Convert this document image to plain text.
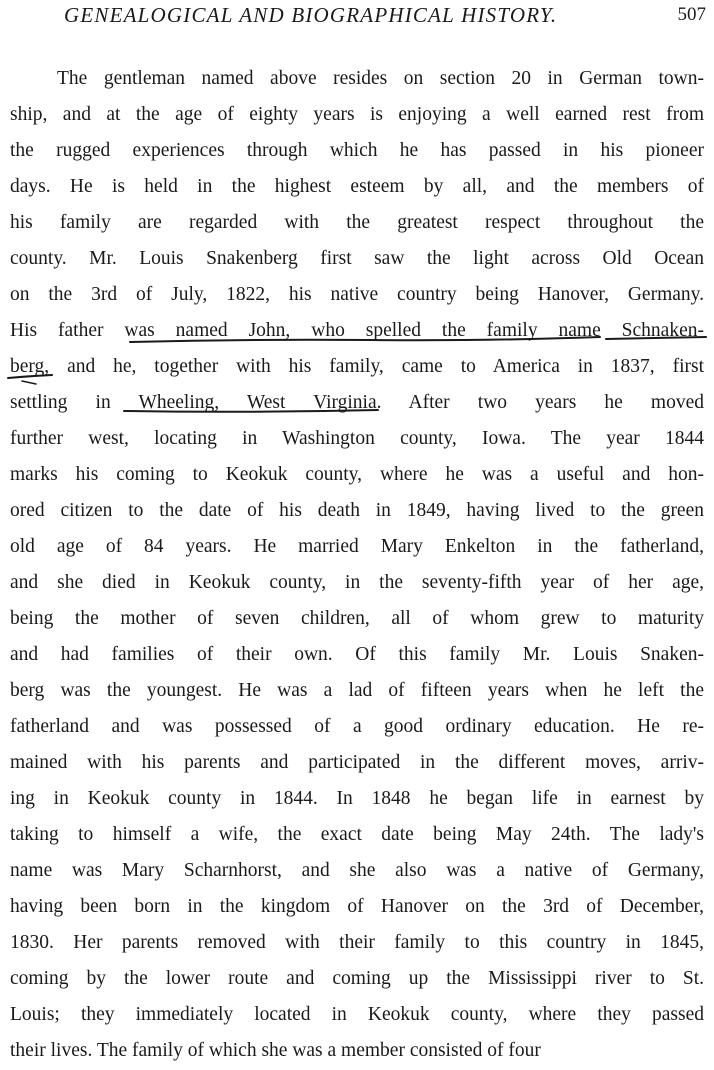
GENEALOGICAL AND BIOGRAPHICAL HISTORY.	507
The gentleman named above resides on section 20 in German town-
ship, and at the age of eighty years is enjoying a well earned rest from
the rugged experiences through which he has passed in his pioneer
days. He is held in the highest esteem by all, and the members of
his family are regarded with the greatest respect throughout the
county. Mr. Louis Snakenberg first saw the light across Old Ocean
on the 3rd of July, 1822, his native country being Hanover, Germany.
His father was named John, who spelled the family name Schnaken-
berg, and he, together with his family, came to America in 1837, first
settling in Wheeling, West Virginia. After two years he moved
further west, locating in Washington county, Iowa. The year 1844
marks his coming to Keokuk county, where he was a useful and hon-
ored citizen to the date of his death in 1849, having lived to the green
old age of 84 years. He married Mary Enkelton in the fatherland,
and she died in Keokuk county, in the seventy-fifth year of her age,
being the mother of seven children, all of whom grew to maturity
and had families of their own. Of this family Mr. Louis Snaken-
berg was the youngest. He was a lad of fifteen years when he left the
fatherland and was possessed of a good ordinary education. He re-
mained with his parents and participated in the different moves, arriv-
ing in Keokuk county in 1844. In 1848 he began life in earnest by
taking to himself a wife, the exact date being May 24th. The lady's
name was Mary Scharnhorst, and she also was a native of Germany,
having been born in the kingdom of Hanover on the 3rd of December,
1830. Her parents removed with their family to this country in 1845,
coming by the lower route and coming up the Mississippi river to St.
Louis; they immediately located in Keokuk county, where they passed
their lives. The family of which she was a member consisted of four
